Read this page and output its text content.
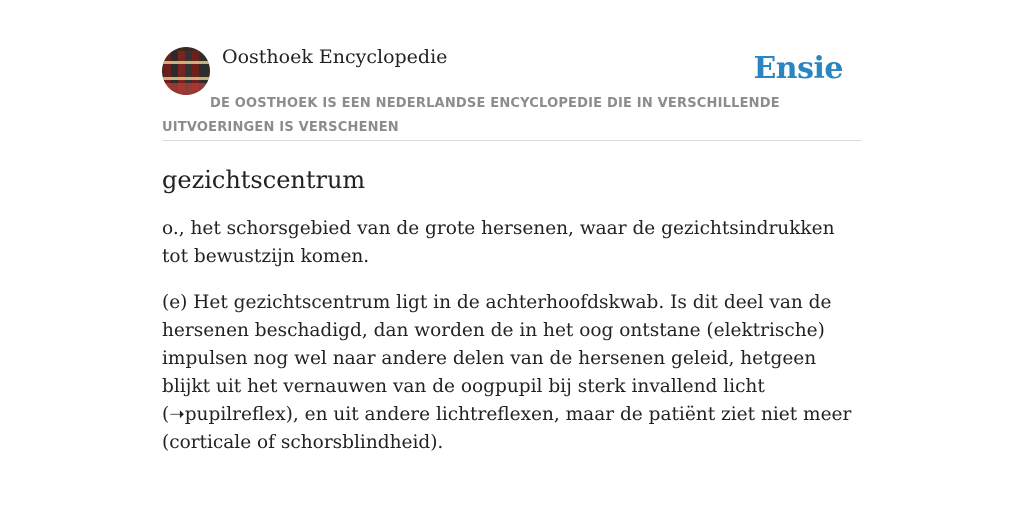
Oosthoek Encyclopedie	Ensie
DE OOSTHOEK IS EEN NEDERLANDSE ENCYCLOPEDIE DIE IN VERSCHILLENDE UITVOERINGEN IS VERSCHENEN
gezichtscentrum

o., het schorsgebied van de grote hersenen, waar de gezichtsindrukken tot bewustzijn komen.

(e) Het gezichtscentrum ligt in de achterhoofdskwab. Is dit deel van de hersenen beschadigd, dan worden de in het oog ontstane (elektrische) impulsen nog wel naar andere delen van de hersenen geleid, hetgeen blijkt uit het vernauwen van de oogpupil bij sterk invallend licht (➝pupilreflex), en uit andere lichtreflexen, maar de patiënt ziet niet meer (corticale of schorsblindheid).
